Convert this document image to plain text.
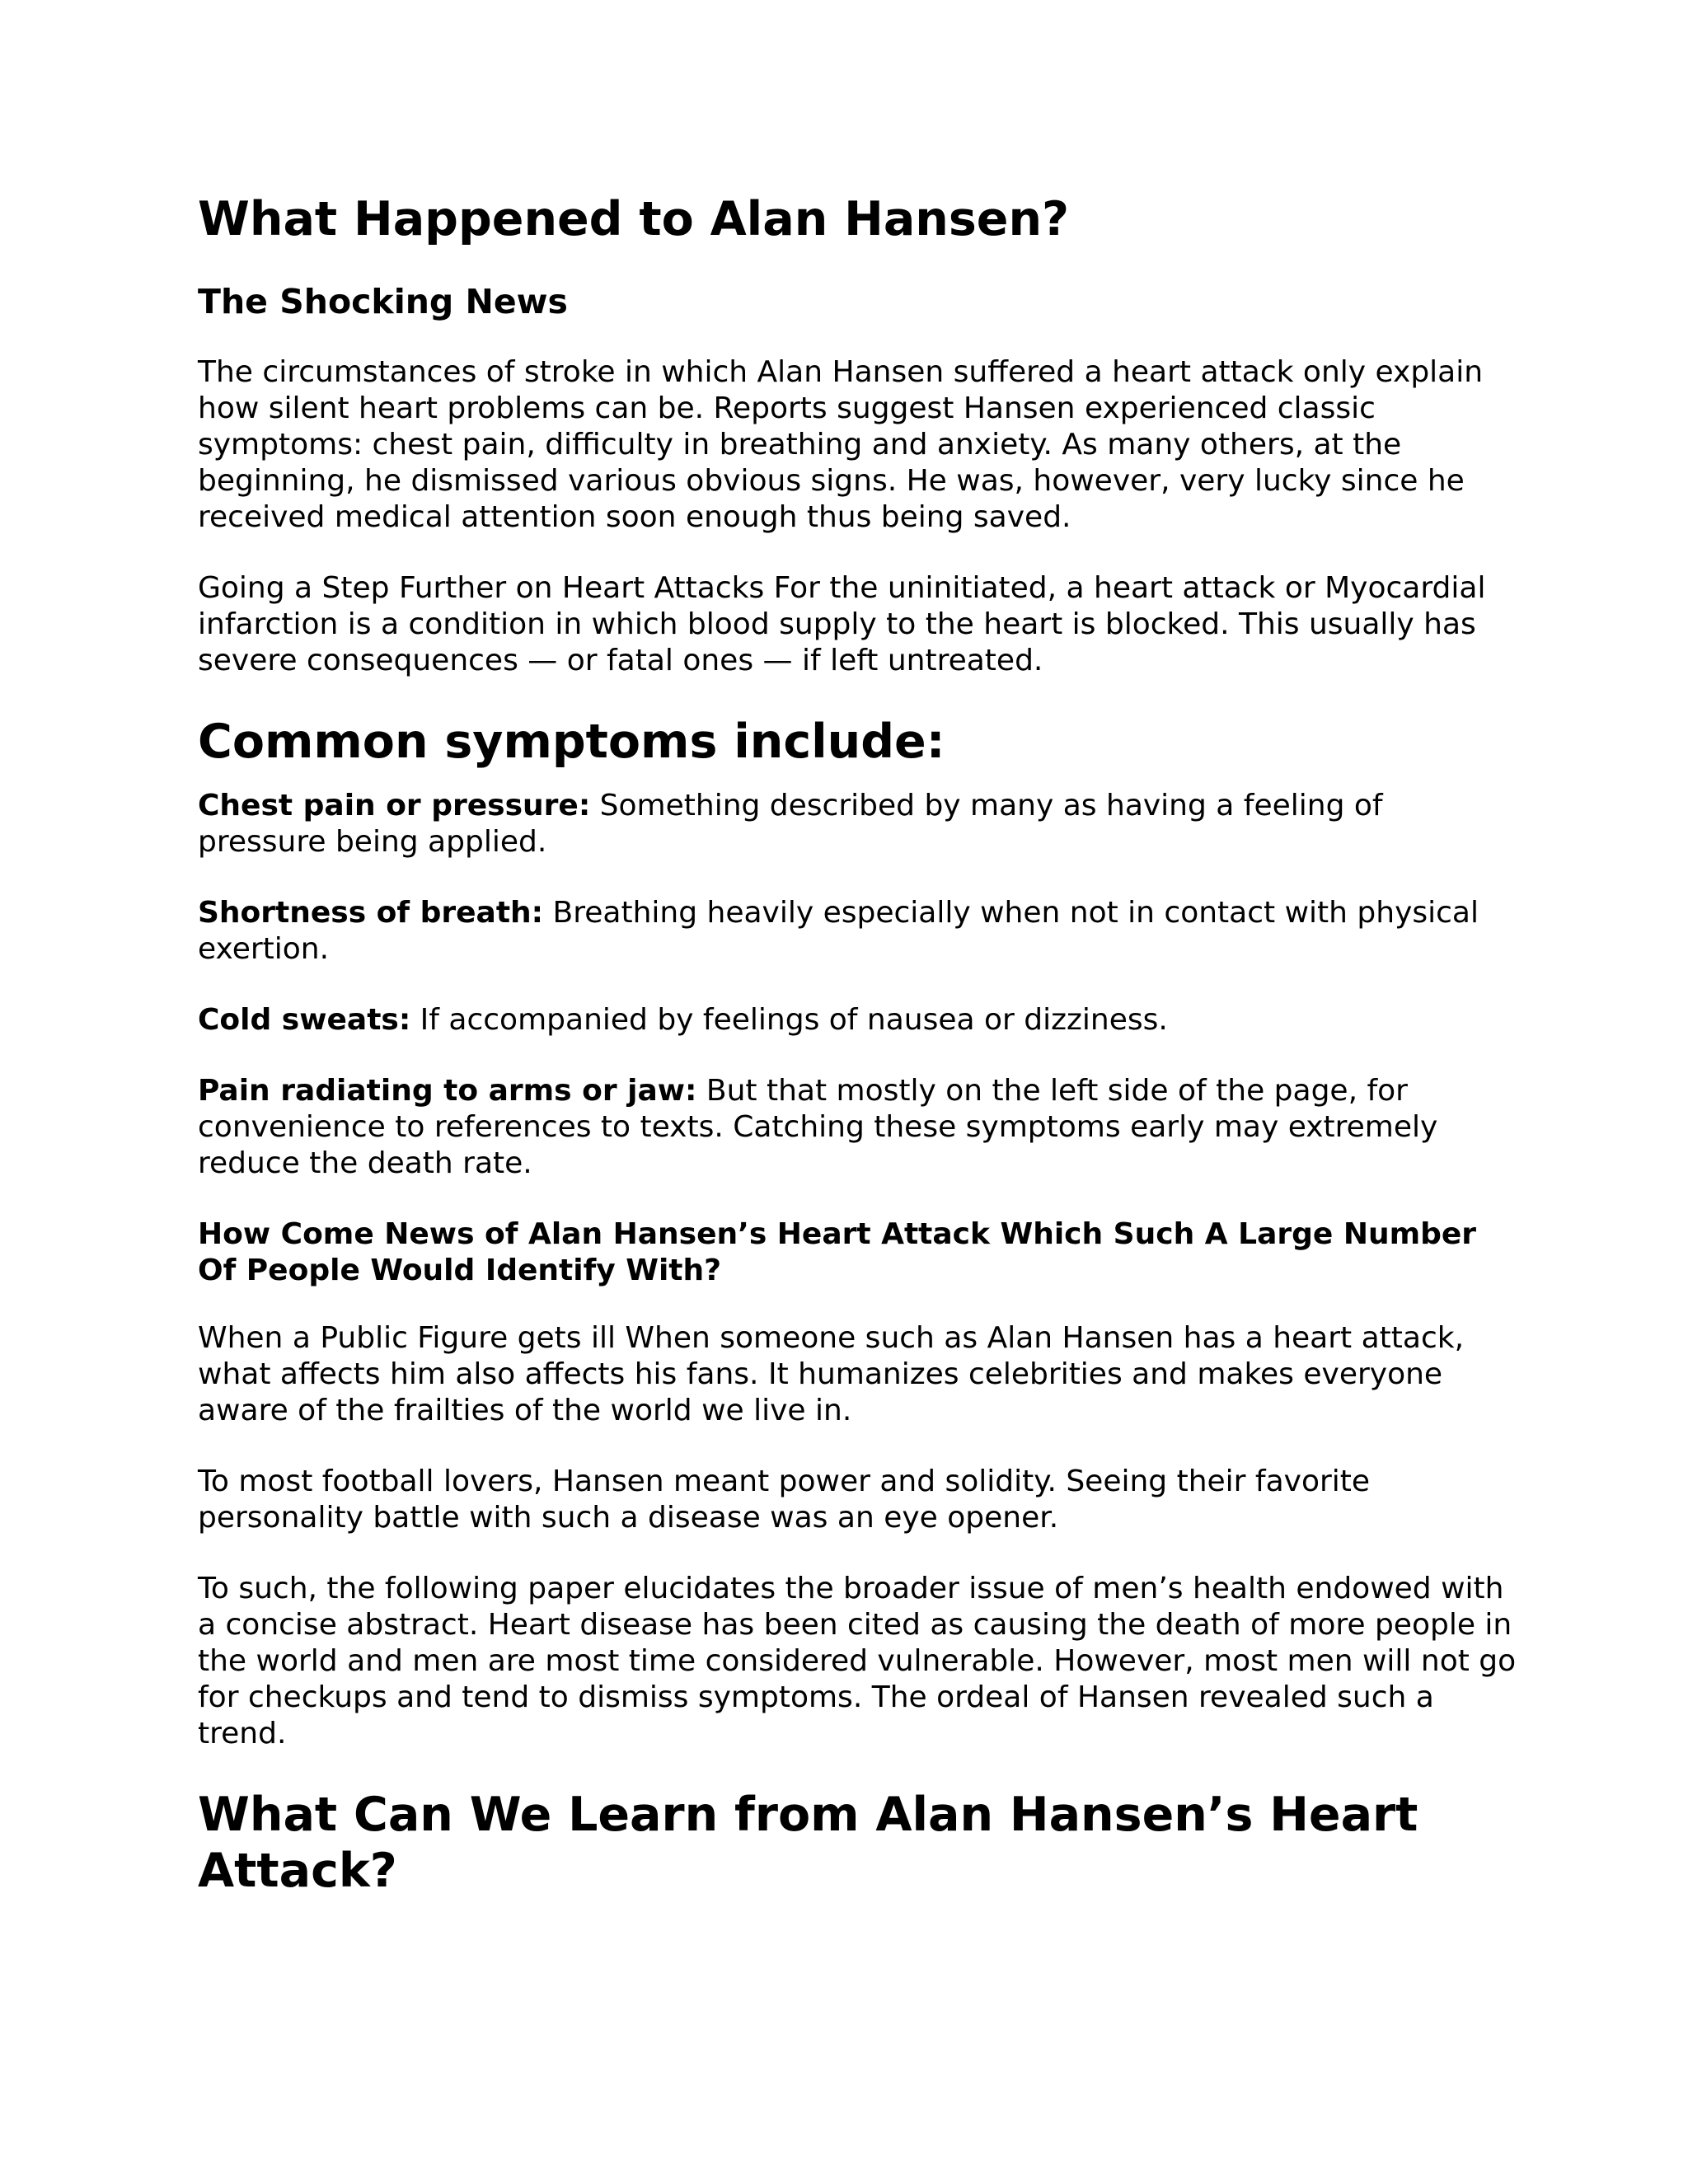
What Happened to Alan Hansen?
The Shocking News

The circumstances of stroke in which Alan Hansen suffered a heart attack only explain how silent heart problems can be. Reports suggest Hansen experienced classic symptoms: chest pain, difficulty in breathing and anxiety. As many others, at the beginning, he dismissed various obvious signs. He was, however, very lucky since he received medical attention soon enough thus being saved.

Going a Step Further on Heart Attacks For the uninitiated, a heart attack or Myocardial infarction is a condition in which blood supply to the heart is blocked. This usually has severe consequences — or fatal ones — if left untreated.

Common symptoms include:

Chest pain or pressure: Something described by many as having a feeling of pressure being applied.

Shortness of breath: Breathing heavily especially when not in contact with physical exertion.

Cold sweats: If accompanied by feelings of nausea or dizziness.

Pain radiating to arms or jaw: But that mostly on the left side of the page, for convenience to references to texts. Catching these symptoms early may extremely reduce the death rate.

How Come News of Alan Hansen’s Heart Attack Which Such A Large Number Of People Would Identify With?

When a Public Figure gets ill When someone such as Alan Hansen has a heart attack, what affects him also affects his fans. It humanizes celebrities and makes everyone aware of the frailties of the world we live in.

To most football lovers, Hansen meant power and solidity. Seeing their favorite personality battle with such a disease was an eye opener.

To such, the following paper elucidates the broader issue of men’s health endowed with a concise abstract. Heart disease has been cited as causing the death of more people in the world and men are most time considered vulnerable. However, most men will not go for checkups and tend to dismiss symptoms. The ordeal of Hansen revealed such a trend.

What Can We Learn from Alan Hansen’s Heart Attack?
